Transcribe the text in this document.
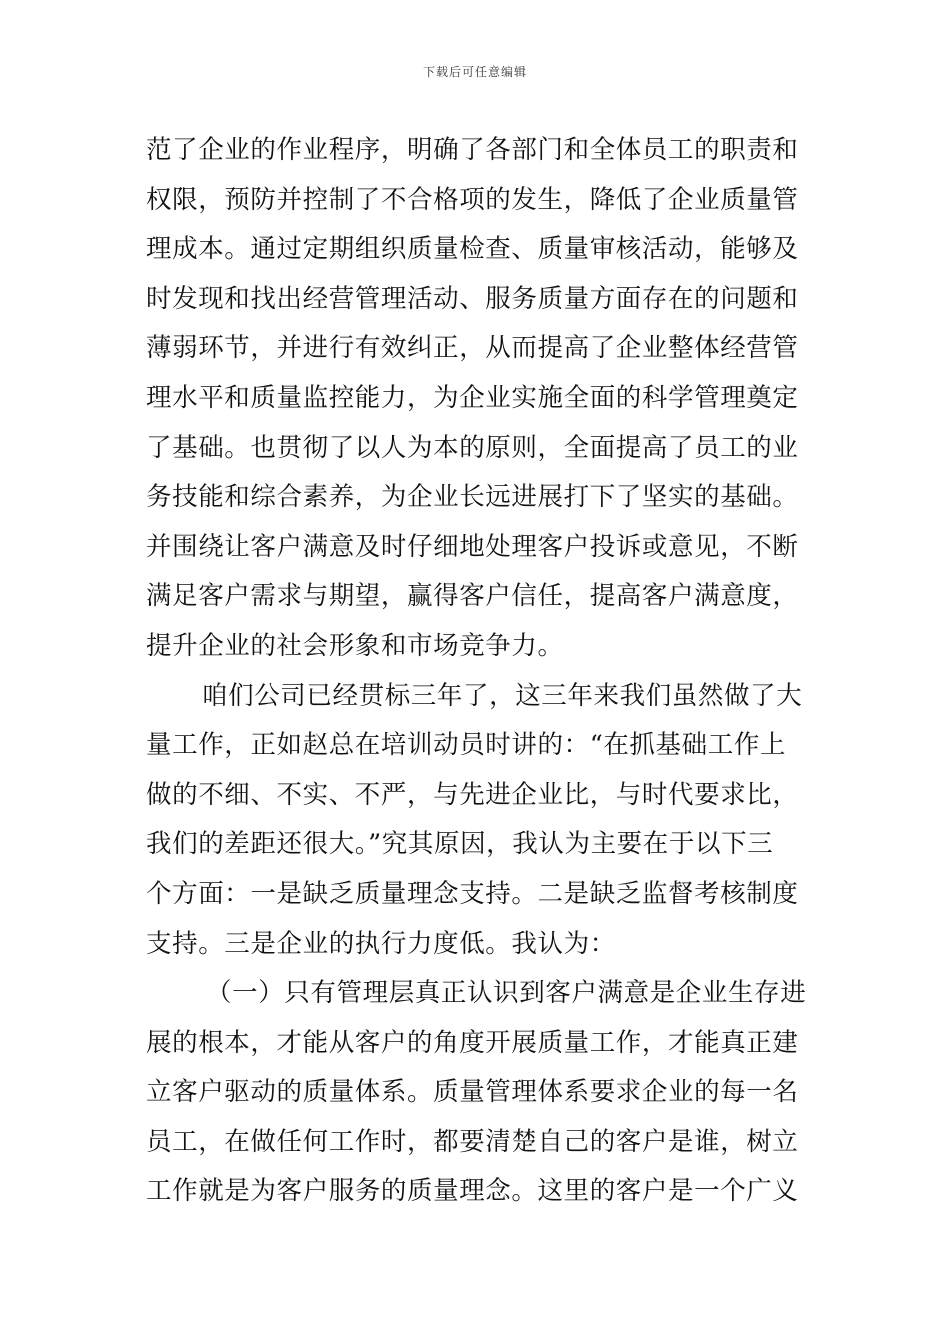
下载后可任意编辑
范了企业的作业程序，明确了各部门和全体员工的职责和
权限，预防并控制了不合格项的发生，降低了企业质量管
理成本。通过定期组织质量检查、质量审核活动，能够及
时发现和找出经营管理活动、服务质量方面存在的问题和
薄弱环节，并进行有效纠正，从而提高了企业整体经营管
理水平和质量监控能力，为企业实施全面的科学管理奠定
了基础。也贯彻了以人为本的原则，全面提高了员工的业
务技能和综合素养，为企业长远进展打下了坚实的基础。
并围绕让客户满意及时仔细地处理客户投诉或意见，不断
满足客户需求与期望，赢得客户信任，提高客户满意度，
提升企业的社会形象和市场竞争力。
咱们公司已经贯标三年了，这三年来我们虽然做了大
量工作，正如赵总在培训动员时讲的：“在抓基础工作上
做的不细、不实、不严，与先进企业比，与时代要求比，
我们的差距还很大。”究其原因，我认为主要在于以下三
个方面：一是缺乏质量理念支持。二是缺乏监督考核制度
支持。三是企业的执行力度低。我认为：
（一）只有管理层真正认识到客户满意是企业生存进
展的根本，才能从客户的角度开展质量工作，才能真正建
立客户驱动的质量体系。质量管理体系要求企业的每一名
员工，在做任何工作时，都要清楚自己的客户是谁，树立
工作就是为客户服务的质量理念。这里的客户是一个广义
